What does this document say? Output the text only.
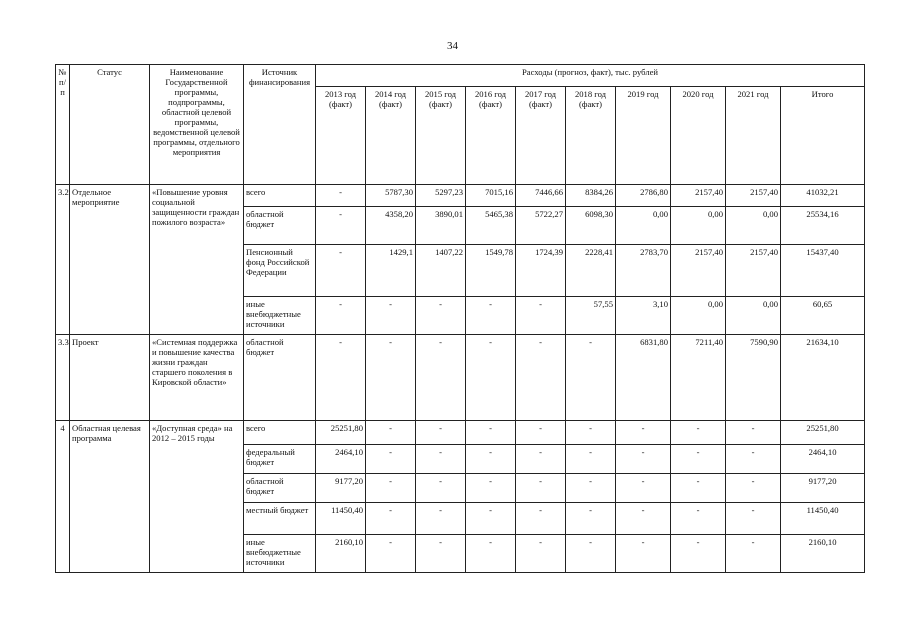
34
№ п/п	Статус	Наименование Государственной программы, подпрограммы, областной целевой программы, ведомственной целевой программы, отдельного мероприятия	Источник финансирования	Расходы (прогноз, факт), тыс. рублей									
				2013 год (факт)	2014 год (факт)	2015 год (факт)	2016 год (факт)	2017 год (факт)	2018 год (факт)	2019 год	2020 год	2021 год	Итого
3.2	Отдельное мероприятие	«Повышение уровня социальной защищенности граждан пожилого возраста»	всего	-	5787,30	5297,23	7015,16	7446,66	8384,26	2786,80	2157,40	2157,40	41032,21
			областной бюджет	-	4358,20	3890,01	5465,38	5722,27	6098,30	0,00	0,00	0,00	25534,16
			Пенсионный фонд Российской Федерации	-	1429,1	1407,22	1549,78	1724,39	2228,41	2783,70	2157,40	2157,40	15437,40
			иные внебюджетные источники	-	-	-	-	-	57,55	3,10	0,00	0,00	60,65
3.3	Проект	«Системная поддержка и повышение качества жизни граждан старшего поколения в Кировской области»	областной бюджет	-	-	-	-	-	-	6831,80	7211,40	7590,90	21634,10
4	Областная целевая программа	«Доступная среда» на 2012 – 2015 годы	всего	25251,80	-	-	-	-	-	-	-	-	25251,80
			федеральный бюджет	2464,10	-	-	-	-	-	-	-	-	2464,10
			областной бюджет	9177,20	-	-	-	-	-	-	-	-	9177,20
			местный бюджет	11450,40	-	-	-	-	-	-	-	-	11450,40
			иные внебюджетные источники	2160,10	-	-	-	-	-	-	-	-	2160,10
